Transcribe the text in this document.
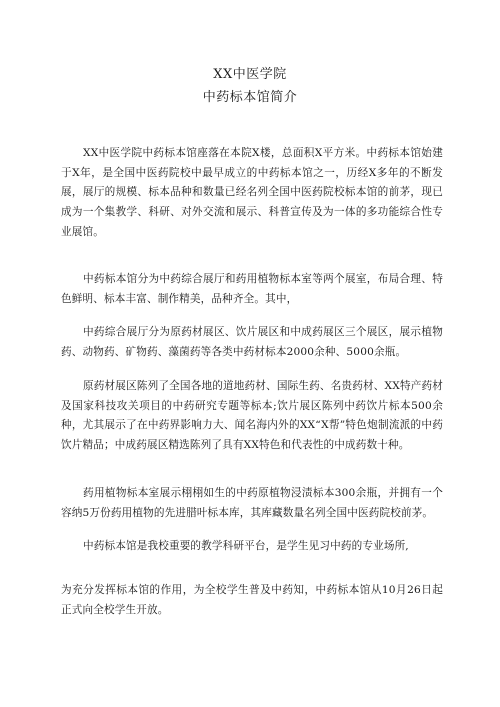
XX中医学院
中药标本馆简介

XX中医学院中药标本馆座落在本院X楼，总面积X平方米。中药标本馆始建于X年，是全国中医药院校中最早成立的中药标本馆之一，历经X多年的不断发展，展厅的规模、标本品种和数量已经名列全国中医药院校标本馆的前茅，现已成为一个集教学、科研、对外交流和展示、科普宣传及为一体的多功能综合性专业展馆。

中药标本馆分为中药综合展厅和药用植物标本室等两个展室，布局合理、特色鲜明、标本丰富、制作精美，品种齐全。其中，

中药综合展厅分为原药材展区、饮片展区和中成药展区三个展区，展示植物药、动物药、矿物药、藻菌药等各类中药材标本2000余种、5000余瓶。

原药材展区陈列了全国各地的道地药材、国际生药、名贵药材、XX特产药材及国家科技攻关项目的中药研究专题等标本;饮片展区陈列中药饮片标本500余种，尤其展示了在中药界影响力大、闻名海内外的XX“X帮”特色炮制流派的中药饮片精品；中成药展区精选陈列了具有XX特色和代表性的中成药数十种。

药用植物标本室展示栩栩如生的中药原植物浸渍标本300余瓶，并拥有一个容纳5万份药用植物的先进腊叶标本库，其库藏数量名列全国中医药院校前茅。

中药标本馆是我校重要的教学科研平台，是学生见习中药的专业场所,

为充分发挥标本馆的作用，为全校学生普及中药知，中药标本馆从10月26日起正式向全校学生开放。
